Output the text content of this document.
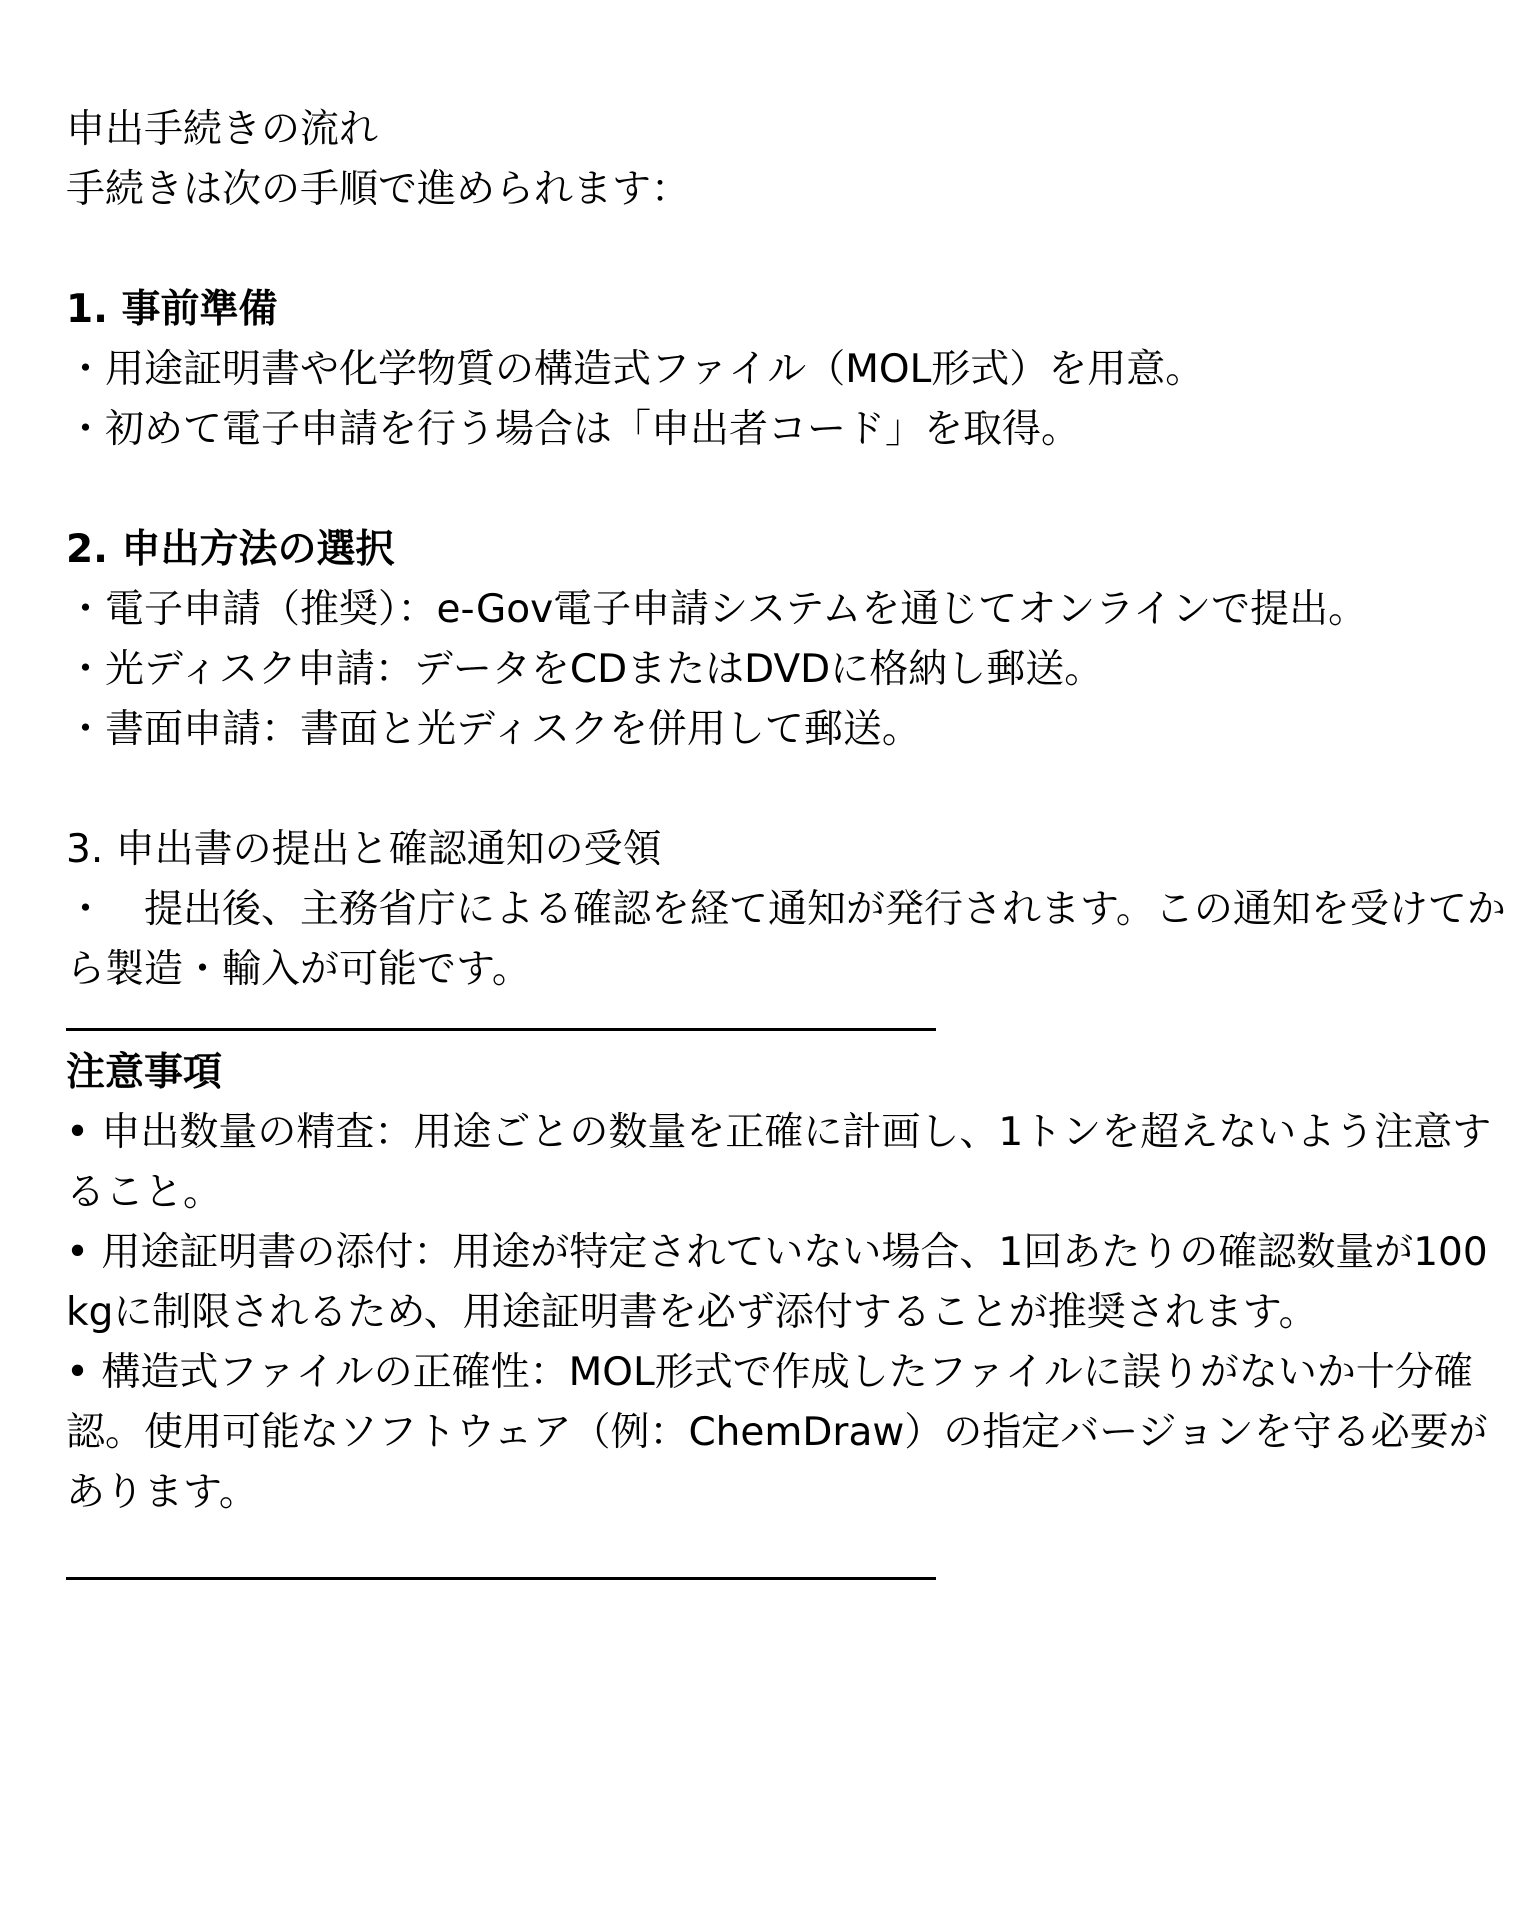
申出手続きの流れ

手続きは次の手順で進められます：

1. 事前準備

・用途証明書や化学物質の構造式ファイル（MOL形式）を用意。

・初めて電子申請を行う場合は「申出者コード」を取得。

2. 申出方法の選択

・電子申請（推奨）：e-Gov電子申請システムを通じてオンラインで提出。

・光ディスク申請：データをCDまたはDVDに格納し郵送。

・書面申請：書面と光ディスクを併用して郵送。

3. 申出書の提出と確認通知の受領

・　提出後、主務省庁による確認を経て通知が発行されます。この通知を受けてから製造・輸入が可能です。

注意事項

• 申出数量の精査：用途ごとの数量を正確に計画し、1トンを超えないよう注意すること。

• 用途証明書の添付：用途が特定されていない場合、1回あたりの確認数量が100kgに制限されるため、用途証明書を必ず添付することが推奨されます。

• 構造式ファイルの正確性：MOL形式で作成したファイルに誤りがないか十分確認。使用可能なソフトウェア（例：ChemDraw）の指定バージョンを守る必要があります。
